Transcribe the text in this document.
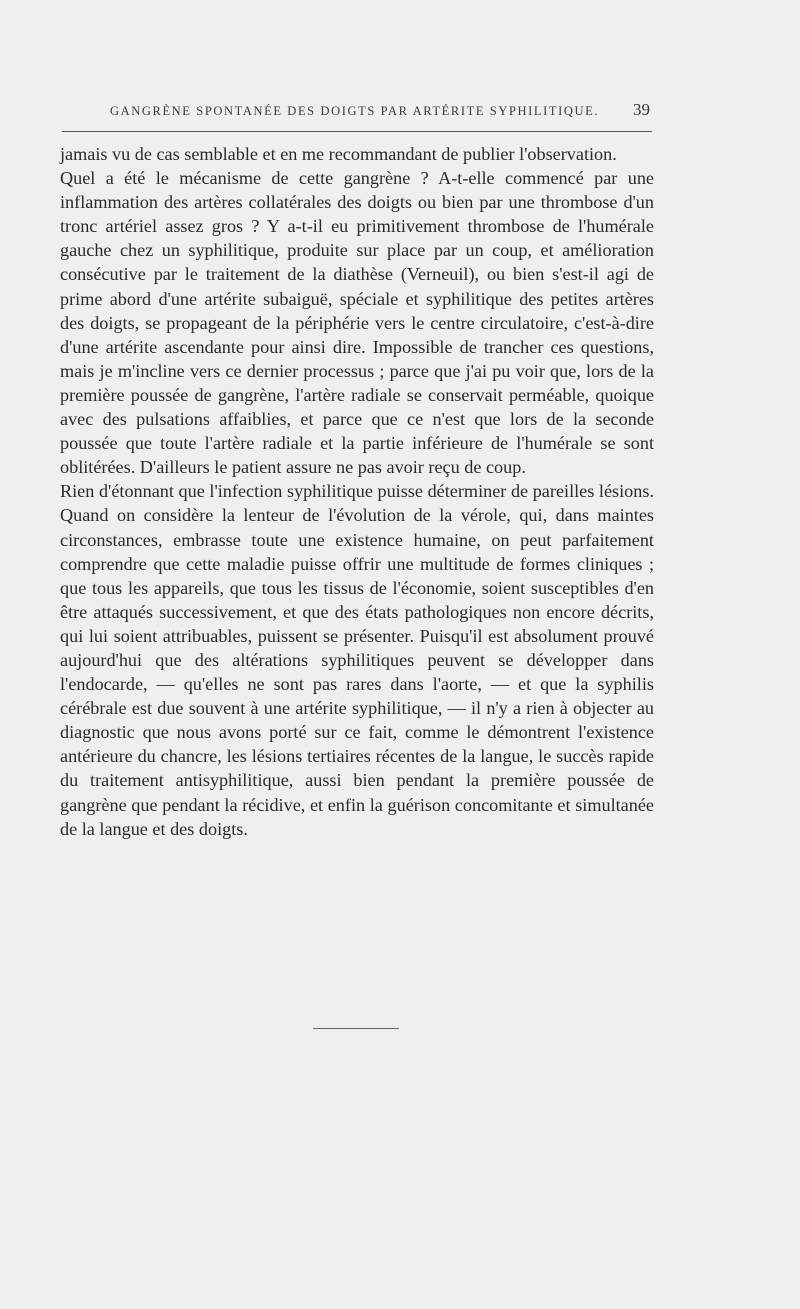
GANGRÈNE SPONTANÉE DES DOIGTS PAR ARTÉRITE SYPHILITIQUE. 39

jamais vu de cas semblable et en me recommandant de publier l'observation.

Quel a été le mécanisme de cette gangrène ? A-t-elle commencé par une inflammation des artères collatérales des doigts ou bien par une thrombose d'un tronc artériel assez gros ? Y a-t-il eu primitivement thrombose de l'humérale gauche chez un syphilitique, produite sur place par un coup, et amélioration consécutive par le traitement de la diathèse (Verneuil), ou bien s'est-il agi de prime abord d'une artérite subaiguë, spéciale et syphilitique des petites artères des doigts, se propageant de la périphérie vers le centre circulatoire, c'est-à-dire d'une artérite ascendante pour ainsi dire. Impossible de trancher ces questions, mais je m'incline vers ce dernier processus ; parce que j'ai pu voir que, lors de la première poussée de gangrène, l'artère radiale se conservait perméable, quoique avec des pulsations affaiblies, et parce que ce n'est que lors de la seconde poussée que toute l'artère radiale et la partie inférieure de l'humérale se sont oblitérées. D'ailleurs le patient assure ne pas avoir reçu de coup.

Rien d'étonnant que l'infection syphilitique puisse déterminer de pareilles lésions. Quand on considère la lenteur de l'évolution de la vérole, qui, dans maintes circonstances, embrasse toute une existence humaine, on peut parfaitement comprendre que cette maladie puisse offrir une multitude de formes cliniques ; que tous les appareils, que tous les tissus de l'économie, soient susceptibles d'en être attaqués successivement, et que des états pathologiques non encore décrits, qui lui soient attribuables, puissent se présenter. Puisqu'il est absolument prouvé aujourd'hui que des altérations syphilitiques peuvent se développer dans l'endocarde, — qu'elles ne sont pas rares dans l'aorte, — et que la syphilis cérébrale est due souvent à une artérite syphilitique, — il n'y a rien à objecter au diagnostic que nous avons porté sur ce fait, comme le démontrent l'existence antérieure du chancre, les lésions tertiaires récentes de la langue, le succès rapide du traitement antisyphilitique, aussi bien pendant la première poussée de gangrène que pendant la récidive, et enfin la guérison concomitante et simultanée de la langue et des doigts.
